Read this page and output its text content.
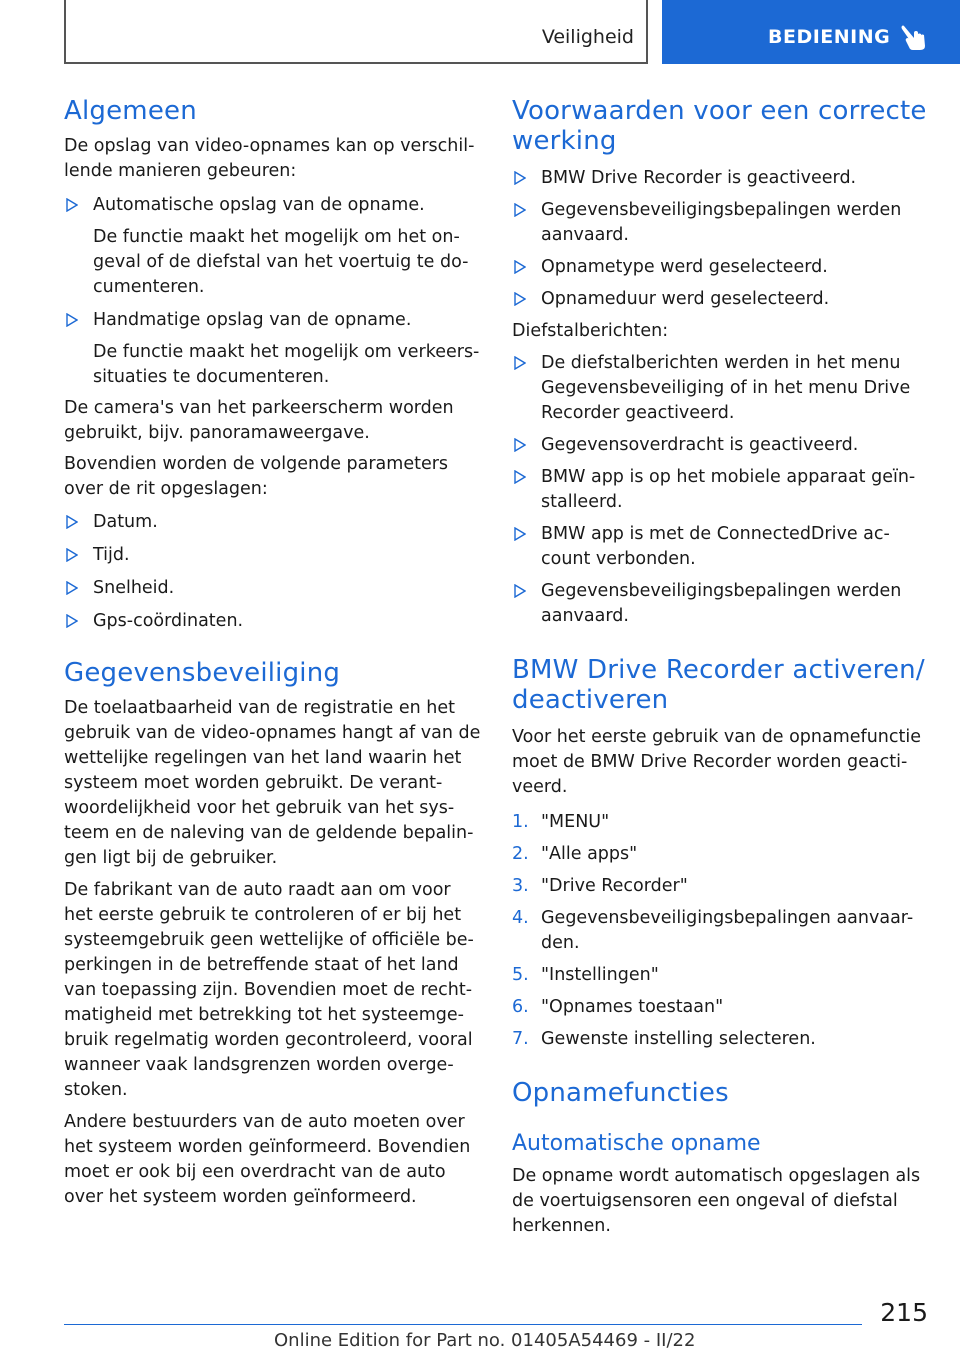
Veiligheid	BEDIENING
Algemeen

De opslag van video-opnames kan op verschil-lende manieren gebeuren:

Automatische opslag van de opname.

De functie maakt het mogelijk om het on-geval of de diefstal van het voertuig te do-cumenteren.

Handmatige opslag van de opname.

De functie maakt het mogelijk om verkeers-situaties te documenteren.

De camera's van het parkeerscherm worden gebruikt, bijv. panoramaweergave.

Bovendien worden de volgende parameters over de rit opgeslagen:

Datum.

Tijd.

Snelheid.

Gps-coördinaten.

Gegevensbeveiliging

De toelaatbaarheid van de registratie en het gebruik van de video-opnames hangt af van de wettelijke regelingen van het land waarin het systeem moet worden gebruikt. De verant-woordelijkheid voor het gebruik van het sys-teem en de naleving van de geldende bepalin-gen ligt bij de gebruiker.

De fabrikant van de auto raadt aan om voor het eerste gebruik te controleren of er bij het systeemgebruik geen wettelijke of officiële be-perkingen in de betreffende staat of het land van toepassing zijn. Bovendien moet de recht-matigheid met betrekking tot het systeemge-bruik regelmatig worden gecontroleerd, vooral wanneer vaak landsgrenzen worden overge-stoken.

Andere bestuurders van de auto moeten over het systeem worden geïnformeerd. Bovendien moet er ook bij een overdracht van de auto over het systeem worden geïnformeerd.

Voorwaarden voor een correcte werking

BMW Drive Recorder is geactiveerd.

Gegevensbeveiligingsbepalingen werden aanvaard.

Opnametype werd geselecteerd.

Opnameduur werd geselecteerd.

Diefstalberichten:

De diefstalberichten werden in het menu Gegevensbeveiliging of in het menu Drive Recorder geactiveerd.

Gegevensoverdracht is geactiveerd.

BMW app is op het mobiele apparaat geïn-stalleerd.

BMW app is met de ConnectedDrive ac-count verbonden.

Gegevensbeveiligingsbepalingen werden aanvaard.

BMW Drive Recorder activeren/ deactiveren

Voor het eerste gebruik van de opnamefunctie moet de BMW Drive Recorder worden geacti-veerd.

1. "MENU"

2. "Alle apps"

3. "Drive Recorder"

4. Gegevensbeveiligingsbepalingen aanvaar-den.

5. "Instellingen"

6. "Opnames toestaan"

7. Gewenste instelling selecteren.

Opnamefuncties
Automatische opname

De opname wordt automatisch opgeslagen als de voertuigsensoren een ongeval of diefstal herkennen.

215
Online Edition for Part no. 01405A54469 - II/22
